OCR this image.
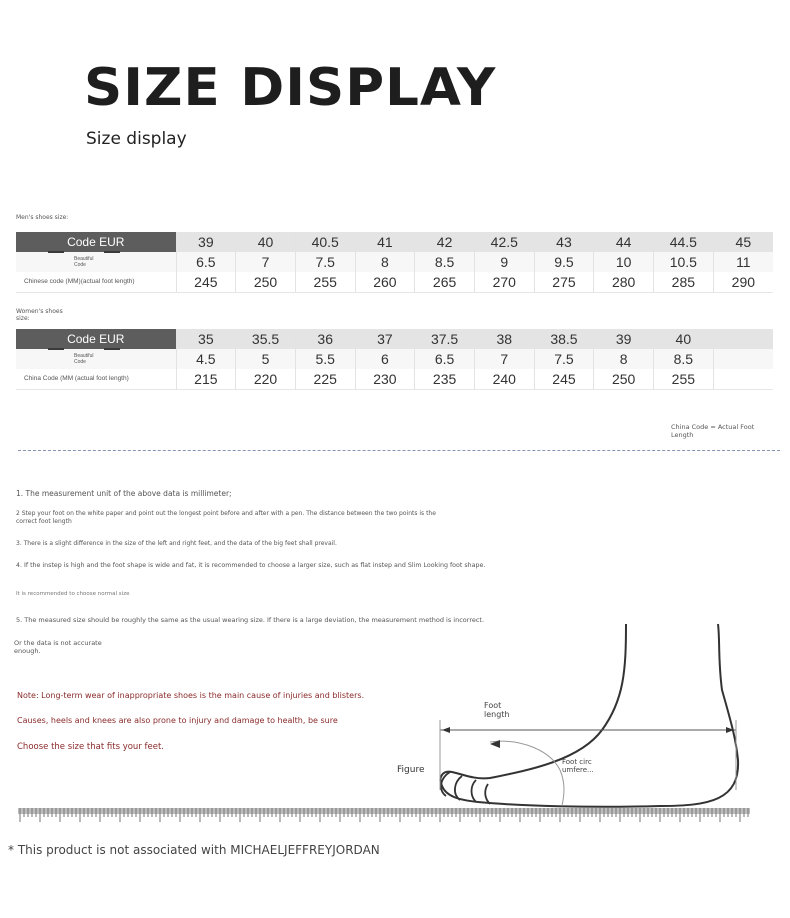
SIZE DISPLAY
Size display
Men's shoes size:
Code EUR	39	40	40.5	41	42	42.5	43	44	44.5	45
Beautiful
Code	6.5	7	7.5	8	8.5	9	9.5	10	10.5	11
Chinese code (MM)(actual foot length)	245	250	255	260	265	270	275	280	285	290
Women's shoes
size:
Code EUR	35	35.5	36	37	37.5	38	38.5	39	40	
Beautiful
Code	4.5	5	5.5	6	6.5	7	7.5	8	8.5	
China Code (MM (actual foot length)	215	220	225	230	235	240	245	250	255	
China Code = Actual Foot Length
1. The measurement unit of the above data is millimeter;
2 Step your foot on the white paper and point out the longest point before and after with a pen. The distance between the two points is the correct foot length
3. There is a slight difference in the size of the left and right feet, and the data of the big feet shall prevail.
4. If the instep is high and the foot shape is wide and fat, it is recommended to choose a larger size, such as flat instep and Slim Looking foot shape.
It is recommended to choose normal size
5. The measured size should be roughly the same as the usual wearing size. If there is a large deviation, the measurement method is incorrect.
Or the data is not accurate enough.
Note: Long-term wear of inappropriate shoes is the main cause of injuries and blisters.
Causes, heels and knees are also prone to injury and damage to health, be sure
Choose the size that fits your feet.
Foot length
Foot circ umfere...
Figure
* This product is not associated with MICHAELJEFFREYJORDAN
